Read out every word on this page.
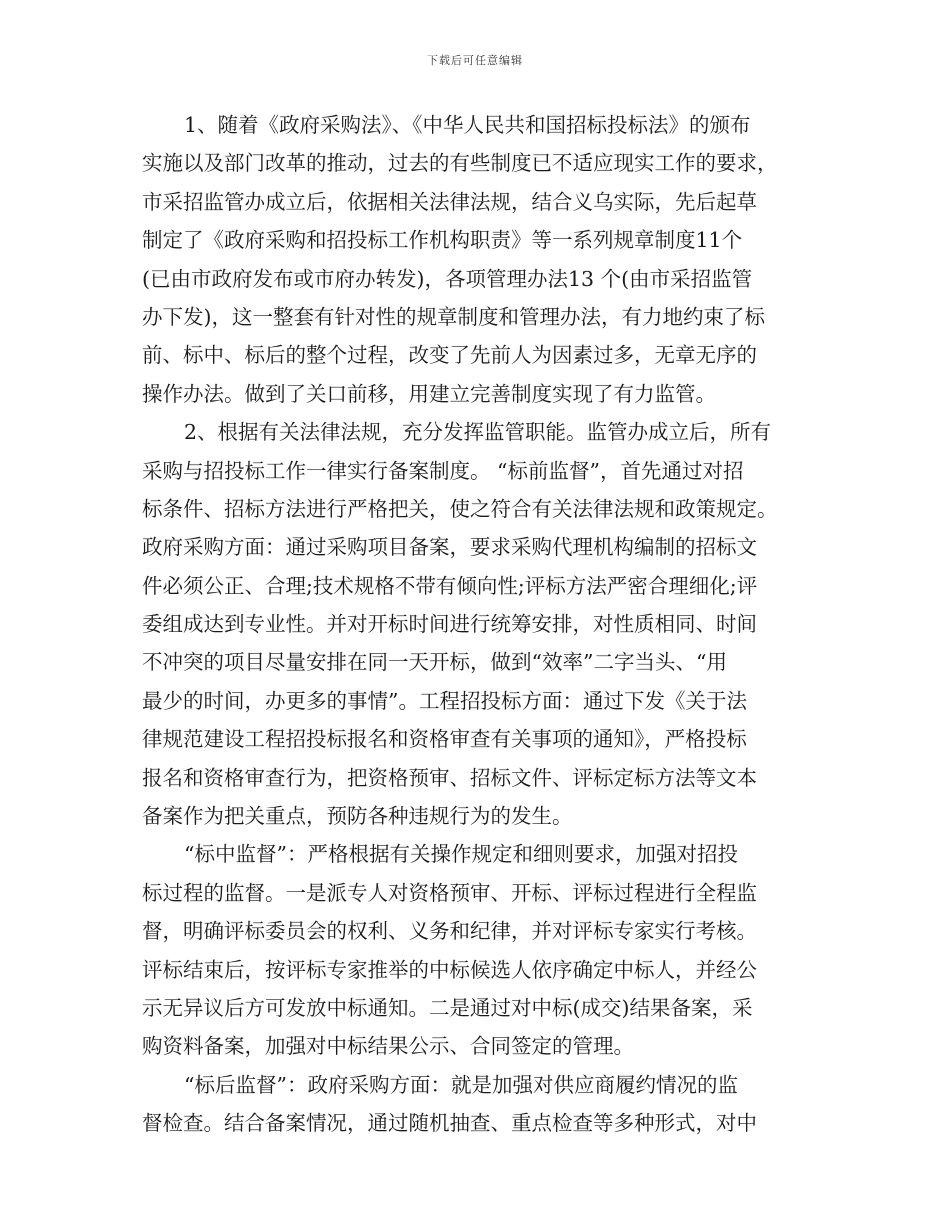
下载后可任意编辑
1、随着《政府采购法》、《中华人民共和国招标投标法》的颁布
实施以及部门改革的推动，过去的有些制度已不适应现实工作的要求，
市采招监管办成立后，依据相关法律法规，结合义乌实际，先后起草
制定了《政府采购和招投标工作机构职责》等一系列规章制度11个
(已由市政府发布或市府办转发)，各项管理办法13 个(由市采招监管
办下发)，这一整套有针对性的规章制度和管理办法，有力地约束了标
前、标中、标后的整个过程，改变了先前人为因素过多，无章无序的
操作办法。做到了关口前移，用建立完善制度实现了有力监管。
2、根据有关法律法规，充分发挥监管职能。监管办成立后，所有
采购与招投标工作一律实行备案制度。 “标前监督”，首先通过对招
标条件、招标方法进行严格把关，使之符合有关法律法规和政策规定。
政府采购方面：通过采购项目备案，要求采购代理机构编制的招标文
件必须公正、合理;技术规格不带有倾向性;评标方法严密合理细化;评
委组成达到专业性。并对开标时间进行统筹安排，对性质相同、时间
不冲突的项目尽量安排在同一天开标，做到“效率”二字当头、“用
最少的时间，办更多的事情”。工程招投标方面：通过下发《关于法
律规范建设工程招投标报名和资格审查有关事项的通知》，严格投标
报名和资格审查行为，把资格预审、招标文件、评标定标方法等文本
备案作为把关重点，预防各种违规行为的发生。
“标中监督”：严格根据有关操作规定和细则要求，加强对招投
标过程的监督。一是派专人对资格预审、开标、评标过程进行全程监
督，明确评标委员会的权利、义务和纪律，并对评标专家实行考核。
评标结束后，按评标专家推举的中标候选人依序确定中标人，并经公
示无异议后方可发放中标通知。二是通过对中标(成交)结果备案，采
购资料备案，加强对中标结果公示、合同签定的管理。
“标后监督”：政府采购方面：就是加强对供应商履约情况的监
督检查。结合备案情况，通过随机抽查、重点检查等多种形式，对中
